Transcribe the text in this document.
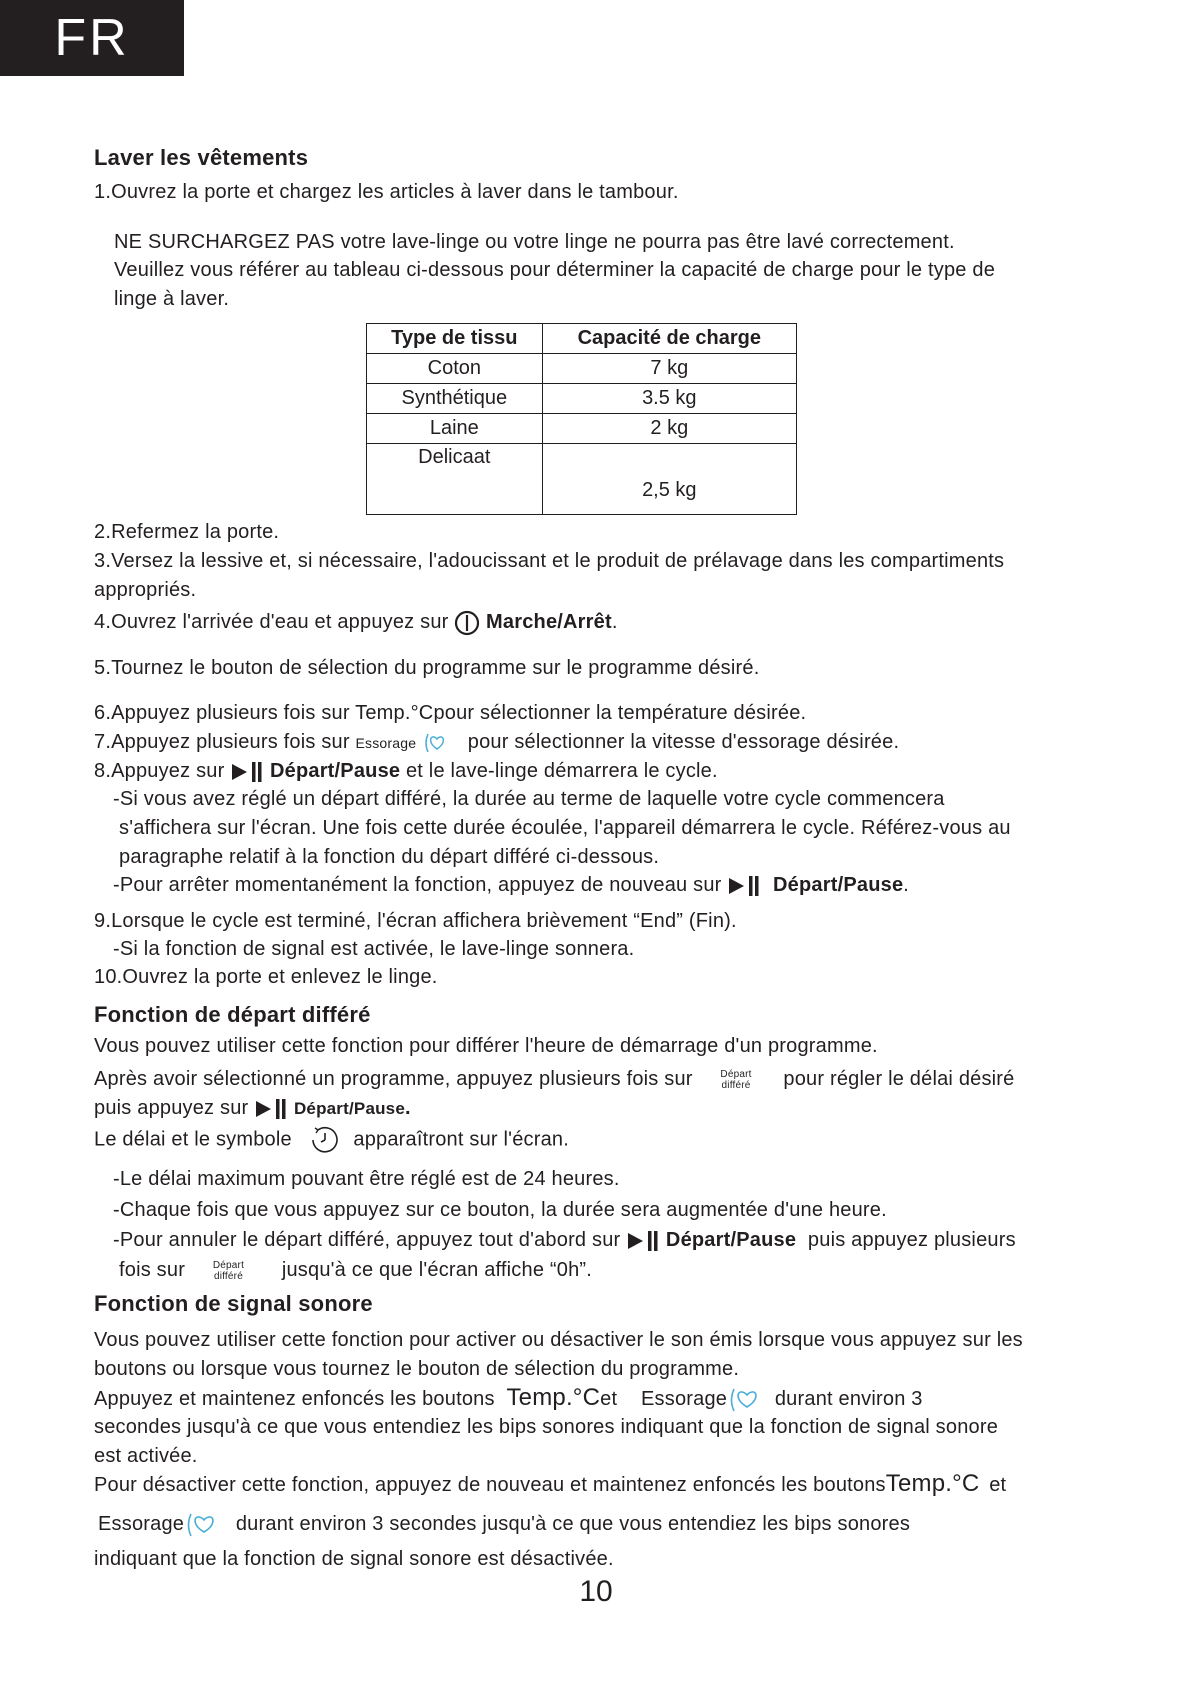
FR
Laver les vêtements
1.Ouvrez la porte et chargez les articles à laver dans le tambour.
NE SURCHARGEZ PAS votre lave-linge ou votre linge ne pourra pas être lavé correctement.
Veuillez vous référer au tableau ci-dessous pour déterminer la capacité de charge pour le type de
linge à laver.
Type de tissu	Capacité de charge
Coton	7 kg
Synthétique	3.5 kg
Laine	2 kg
Delicaat	2,5 kg
2.Refermez la porte.
3.Versez la lessive et, si nécessaire, l'adoucissant et le produit de prélavage dans les compartiments
appropriés.
4.Ouvrez l'arrivée d'eau et appuyez sur Marche/Arrêt.
5.Tournez le bouton de sélection du programme sur le programme désiré.
6.Appuyez plusieurs fois sur Temp.°Cpour sélectionner la température désirée.
7.Appuyez plusieurs fois sur Essorage	pour sélectionner la vitesse d'essorage désirée.
8.Appuyez sur  Départ/Pause et le lave-linge démarrera le cycle.
-Si vous avez réglé un départ différé, la durée au terme de laquelle votre cycle commencera
s'affichera sur l'écran. Une fois cette durée écoulée, l'appareil démarrera le cycle. Référez-vous au
paragraphe relatif à la fonction du départ différé ci-dessous.
-Pour arrêter momentanément la fonction, appuyez de nouveau sur  Départ/Pause.
9.Lorsque le cycle est terminé, l'écran affichera brièvement “End” (Fin).
-Si la fonction de signal est activée, le lave-linge sonnera.
10.Ouvrez la porte et enlevez le linge.
Fonction de départ différé
Vous pouvez utiliser cette fonction pour différer l'heure de démarrage d'un programme.
Après avoir sélectionné un programme, appuyez plusieurs fois sur	Départ
différé pour régler le délai désiré
puis appuyez sur  Départ/Pause.
Le délai et le symbole	apparaîtront sur l'écran.
-Le délai maximum pouvant être réglé est de 24 heures.
-Chaque fois que vous appuyez sur ce bouton, la durée sera augmentée d'une heure.
-Pour annuler le départ différé, appuyez tout d'abord sur  Départ/Pause puis appuyez plusieurs
fois sur	Départ
différé jusqu'à ce que l'écran affiche “0h”.
Fonction de signal sonore
Vous pouvez utiliser cette fonction pour activer ou désactiver le son émis lorsque vous appuyez sur les
boutons ou lorsque vous tournez le bouton de sélection du programme.
Appuyez et maintenez enfoncés les boutons Temp.°Cet Essorage durant environ 3
secondes jusqu'à ce que vous entendiez les bips sonores indiquant que la fonction de signal sonore
est activée.
Pour désactiver cette fonction, appuyez de nouveau et maintenez enfoncés les boutonsTemp.°C et
Essorage	durant environ 3 secondes jusqu'à ce que vous entendiez les bips sonores
indiquant que la fonction de signal sonore est désactivée.
10
